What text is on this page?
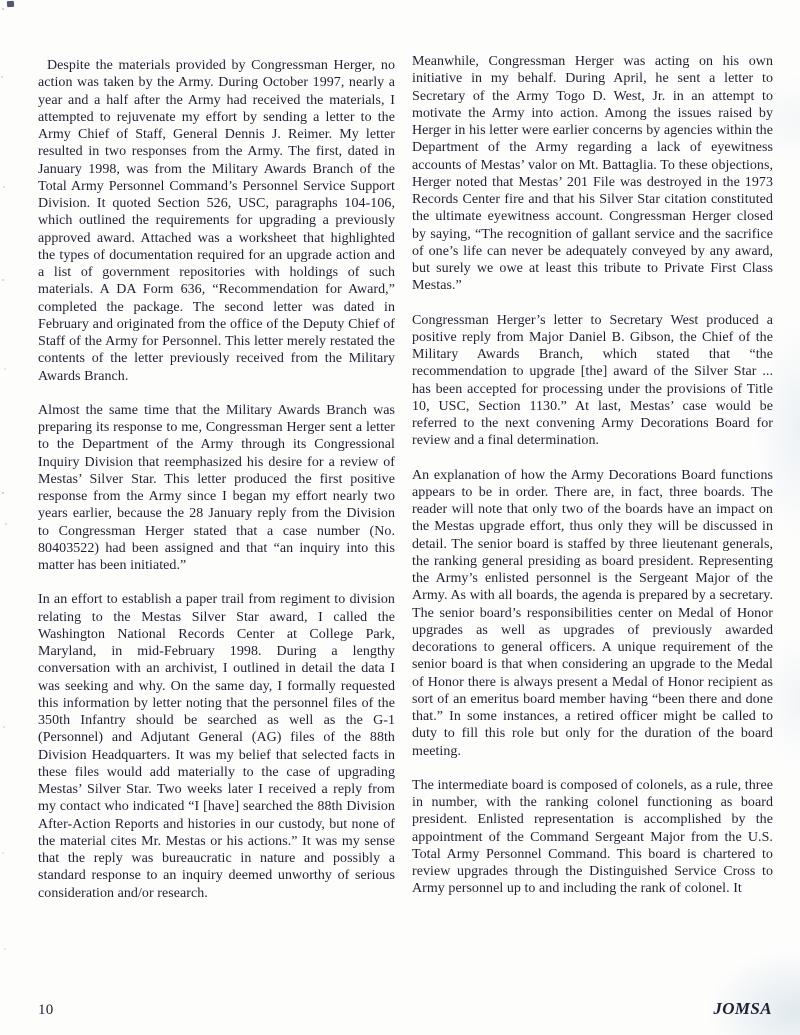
Despite the materials provided by Congressman Herger, no action was taken by the Army. During October 1997, nearly a year and a half after the Army had received the materials, I attempted to rejuvenate my effort by sending a letter to the Army Chief of Staff, General Dennis J. Reimer. My letter resulted in two responses from the Army. The first, dated in January 1998, was from the Military Awards Branch of the Total Army Personnel Command’s Personnel Service Support Division. It quoted Section 526, USC, paragraphs 104-106, which outlined the requirements for upgrading a previously approved award. Attached was a worksheet that highlighted the types of documentation required for an upgrade action and a list of government repositories with holdings of such materials. A DA Form 636, “Recommendation for Award,” completed the package. The second letter was dated in February and originated from the office of the Deputy Chief of Staff of the Army for Personnel. This letter merely restated the contents of the letter previously received from the Military Awards Branch.

Almost the same time that the Military Awards Branch was preparing its response to me, Congressman Herger sent a letter to the Department of the Army through its Congressional Inquiry Division that reemphasized his desire for a review of Mestas’ Silver Star. This letter produced the first positive response from the Army since I began my effort nearly two years earlier, because the 28 January reply from the Division to Congressman Herger stated that a case number (No. 80403522) had been assigned and that “an inquiry into this matter has been initiated.”

In an effort to establish a paper trail from regiment to division relating to the Mestas Silver Star award, I called the Washington National Records Center at College Park, Maryland, in mid-February 1998. During a lengthy conversation with an archivist, I outlined in detail the data I was seeking and why. On the same day, I formally requested this information by letter noting that the personnel files of the 350th Infantry should be searched as well as the G-1 (Personnel) and Adjutant General (AG) files of the 88th Division Headquarters. It was my belief that selected facts in these files would add materially to the case of upgrading Mestas’ Silver Star. Two weeks later I received a reply from my contact who indicated “I [have] searched the 88th Division After-Action Reports and histories in our custody, but none of the material cites Mr. Mestas or his actions.” It was my sense that the reply was bureaucratic in nature and possibly a standard response to an inquiry deemed unworthy of serious consideration and/or research.

Meanwhile, Congressman Herger was acting on his own initiative in my behalf. During April, he sent a letter to Secretary of the Army Togo D. West, Jr. in an attempt to motivate the Army into action. Among the issues raised by Herger in his letter were earlier concerns by agencies within the Department of the Army regarding a lack of eyewitness accounts of Mestas’ valor on Mt. Battaglia. To these objections, Herger noted that Mestas’ 201 File was destroyed in the 1973 Records Center fire and that his Silver Star citation constituted the ultimate eyewitness account. Congressman Herger closed by saying, “The recognition of gallant service and the sacrifice of one’s life can never be adequately conveyed by any award, but surely we owe at least this tribute to Private First Class Mestas.”

Congressman Herger’s letter to Secretary West produced a positive reply from Major Daniel B. Gibson, the Chief of the Military Awards Branch, which stated that “the recommendation to upgrade [the] award of the Silver Star ... has been accepted for processing under the provisions of Title 10, USC, Section 1130.” At last, Mestas’ case would be referred to the next convening Army Decorations Board for review and a final determination.

An explanation of how the Army Decorations Board functions appears to be in order. There are, in fact, three boards. The reader will note that only two of the boards have an impact on the Mestas upgrade effort, thus only they will be discussed in detail. The senior board is staffed by three lieutenant generals, the ranking general presiding as board president. Representing the Army’s enlisted personnel is the Sergeant Major of the Army. As with all boards, the agenda is prepared by a secretary. The senior board’s responsibilities center on Medal of Honor upgrades as well as upgrades of previously awarded decorations to general officers. A unique requirement of the senior board is that when considering an upgrade to the Medal of Honor there is always present a Medal of Honor recipient as sort of an emeritus board member having “been there and done that.” In some instances, a retired officer might be called to duty to fill this role but only for the duration of the board meeting.

The intermediate board is composed of colonels, as a rule, three in number, with the ranking colonel functioning as board president. Enlisted representation is accomplished by the appointment of the Command Sergeant Major from the U.S. Total Army Personnel Command. This board is chartered to review upgrades through the Distinguished Service Cross to Army personnel up to and including the rank of colonel. It

10	JOMSA
